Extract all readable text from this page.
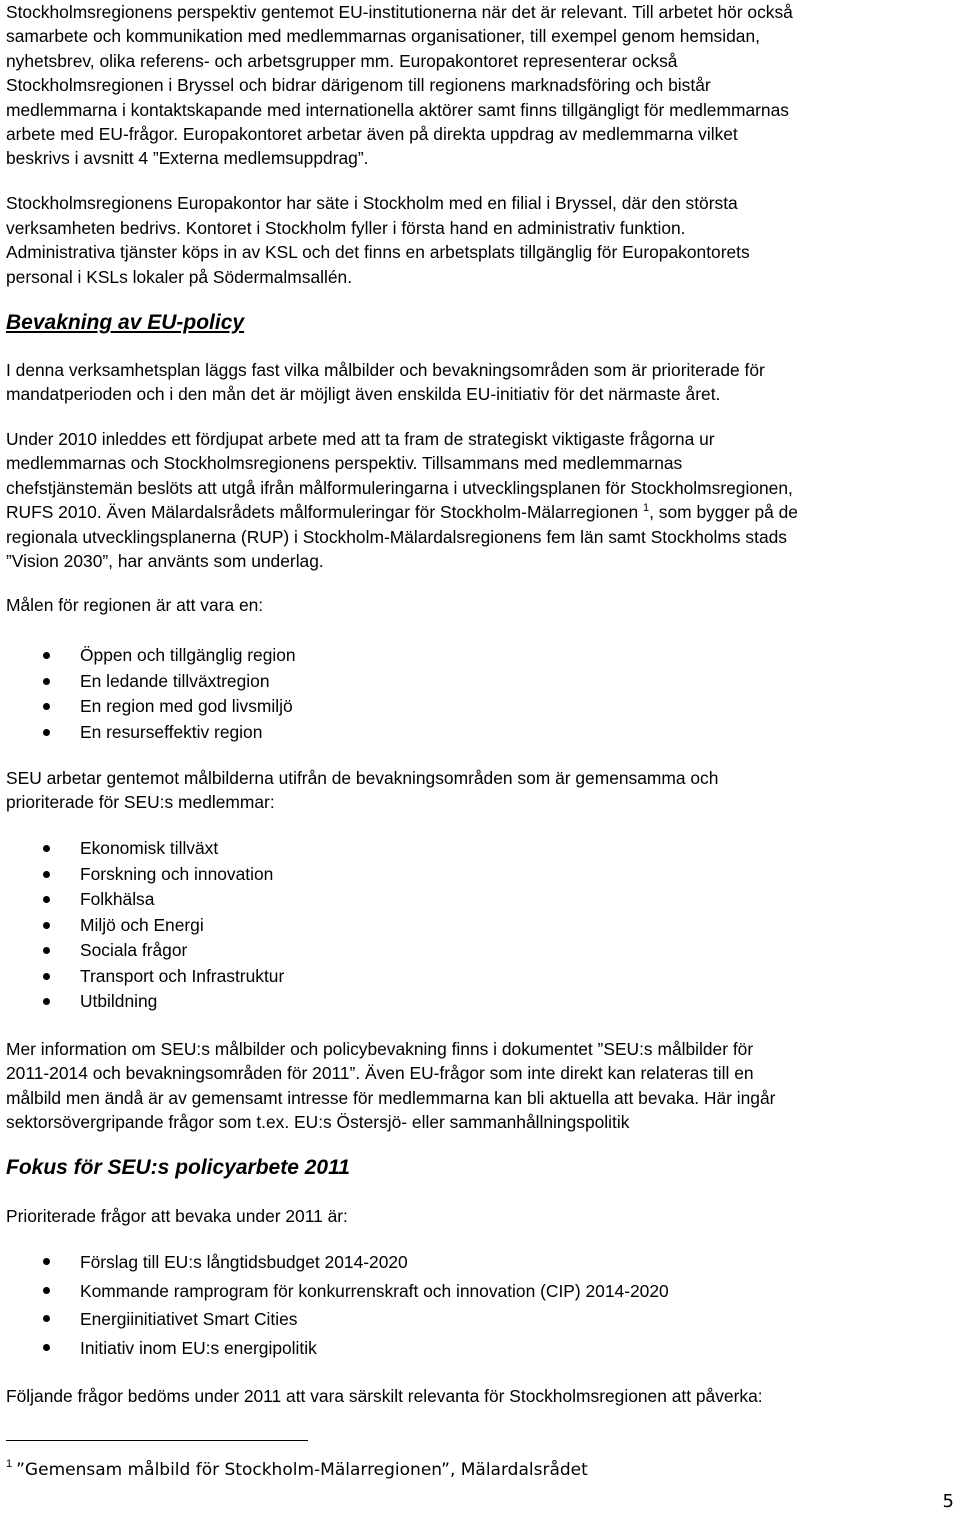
Stockholmsregionens perspektiv gentemot EU-institutionerna när det är relevant. Till arbetet hör också
samarbete och kommunikation med medlemmarnas organisationer, till exempel genom hemsidan,
nyhetsbrev, olika referens- och arbetsgrupper mm. Europakontoret representerar också
Stockholmsregionen i Bryssel och bidrar därigenom till regionens marknadsföring och bistår
medlemmarna i kontaktskapande med internationella aktörer samt finns tillgängligt för medlemmarnas
arbete med EU-frågor. Europakontoret arbetar även på direkta uppdrag av medlemmarna vilket
beskrivs i avsnitt 4 ”Externa medlemsuppdrag”.

Stockholmsregionens Europakontor har säte i Stockholm med en filial i Bryssel, där den största
verksamheten bedrivs. Kontoret i Stockholm fyller i första hand en administrativ funktion.
Administrativa tjänster köps in av KSL och det finns en arbetsplats tillgänglig för Europakontorets
personal i KSLs lokaler på Södermalmsallén.

Bevakning av EU-policy

I denna verksamhetsplan läggs fast vilka målbilder och bevakningsområden som är prioriterade för
mandatperioden och i den mån det är möjligt även enskilda EU-initiativ för det närmaste året.

Under 2010 inleddes ett fördjupat arbete med att ta fram de strategiskt viktigaste frågorna ur
medlemmarnas och Stockholmsregionens perspektiv. Tillsammans med medlemmarnas
chefstjänstemän beslöts att utgå ifrån målformuleringarna i utvecklingsplanen för Stockholmsregionen,
RUFS 2010. Även Mälardalsrådets målformuleringar för Stockholm-Mälarregionen $^1$, som bygger på de
regionala utvecklingsplanerna (RUP) i Stockholm-Mälardalsregionens fem län samt Stockholms stads
”Vision 2030”, har använts som underlag.

Målen för regionen är att vara en:

Öppen och tillgänglig region
En ledande tillväxtregion
En region med god livsmiljö
En resurseffektiv region

SEU arbetar gentemot målbilderna utifrån de bevakningsområden som är gemensamma och
prioriterade för SEU:s medlemmar:

Ekonomisk tillväxt
Forskning och innovation
Folkhälsa
Miljö och Energi
Sociala frågor
Transport och Infrastruktur
Utbildning

Mer information om SEU:s målbilder och policybevakning finns i dokumentet ”SEU:s målbilder för
2011-2014 och bevakningsområden för 2011”. Även EU-frågor som inte direkt kan relateras till en
målbild men ändå är av gemensamt intresse för medlemmarna kan bli aktuella att bevaka. Här ingår
sektorsövergripande frågor som t.ex. EU:s Östersjö- eller sammanhållningspolitik

Fokus för SEU:s policyarbete 2011

Prioriterade frågor att bevaka under 2011 är:

Förslag till EU:s långtidsbudget 2014-2020
Kommande ramprogram för konkurrenskraft och innovation (CIP) 2014-2020
Energiinitiativet Smart Cities
Initiativ inom EU:s energipolitik

Följande frågor bedöms under 2011 att vara särskilt relevanta för Stockholmsregionen att påverka:

$^1$ ”Gemensam målbild för Stockholm-Mälarregionen”, Mälardalsrådet
5
